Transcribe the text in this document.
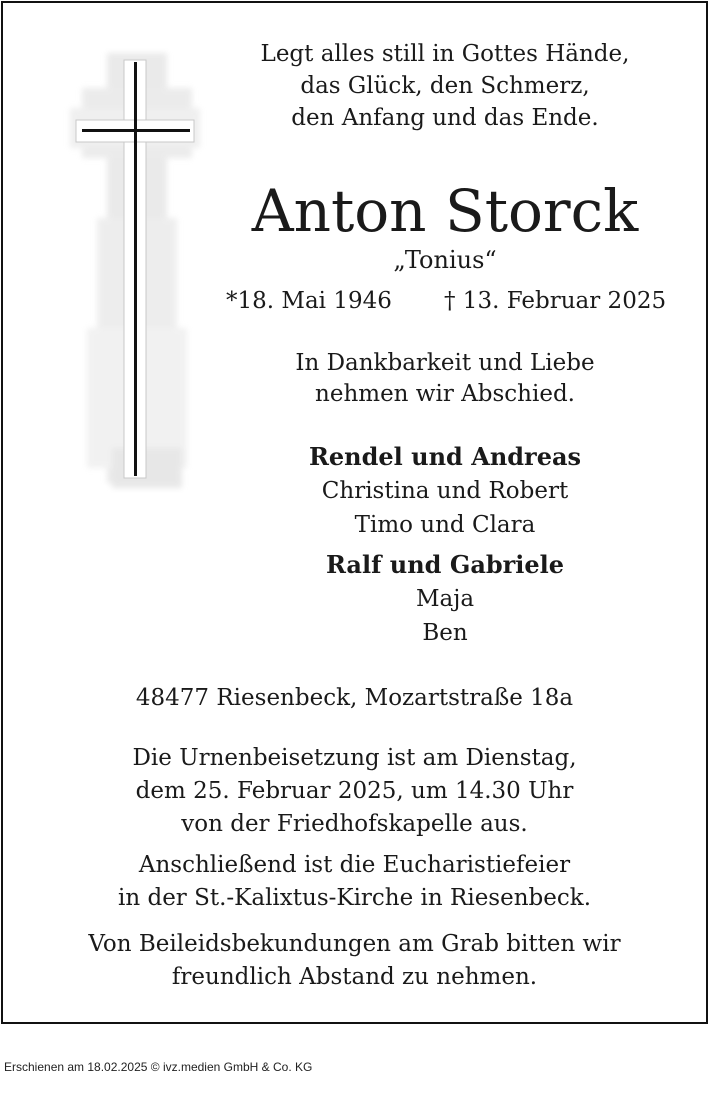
Legt alles still in Gottes Hände,
das Glück, den Schmerz,
den Anfang und das Ende.
Anton Storck
„Tonius“
*18. Mai 1946 † 13. Februar 2025
In Dankbarkeit und Liebe
nehmen wir Abschied.
Rendel und Andreas
Christina und Robert
Timo und Clara
Ralf und Gabriele
Maja
Ben
48477 Riesenbeck, Mozartstraße 18a
Die Urnenbeisetzung ist am Dienstag,
dem 25. Februar 2025, um 14.30 Uhr
von der Friedhofskapelle aus.
Anschließend ist die Eucharistiefeier
in der St.-Kalixtus-Kirche in Riesenbeck.
Von Beileidsbekundungen am Grab bitten wir
freundlich Abstand zu nehmen.
Erschienen am 18.02.2025 © ivz.medien GmbH & Co. KG
